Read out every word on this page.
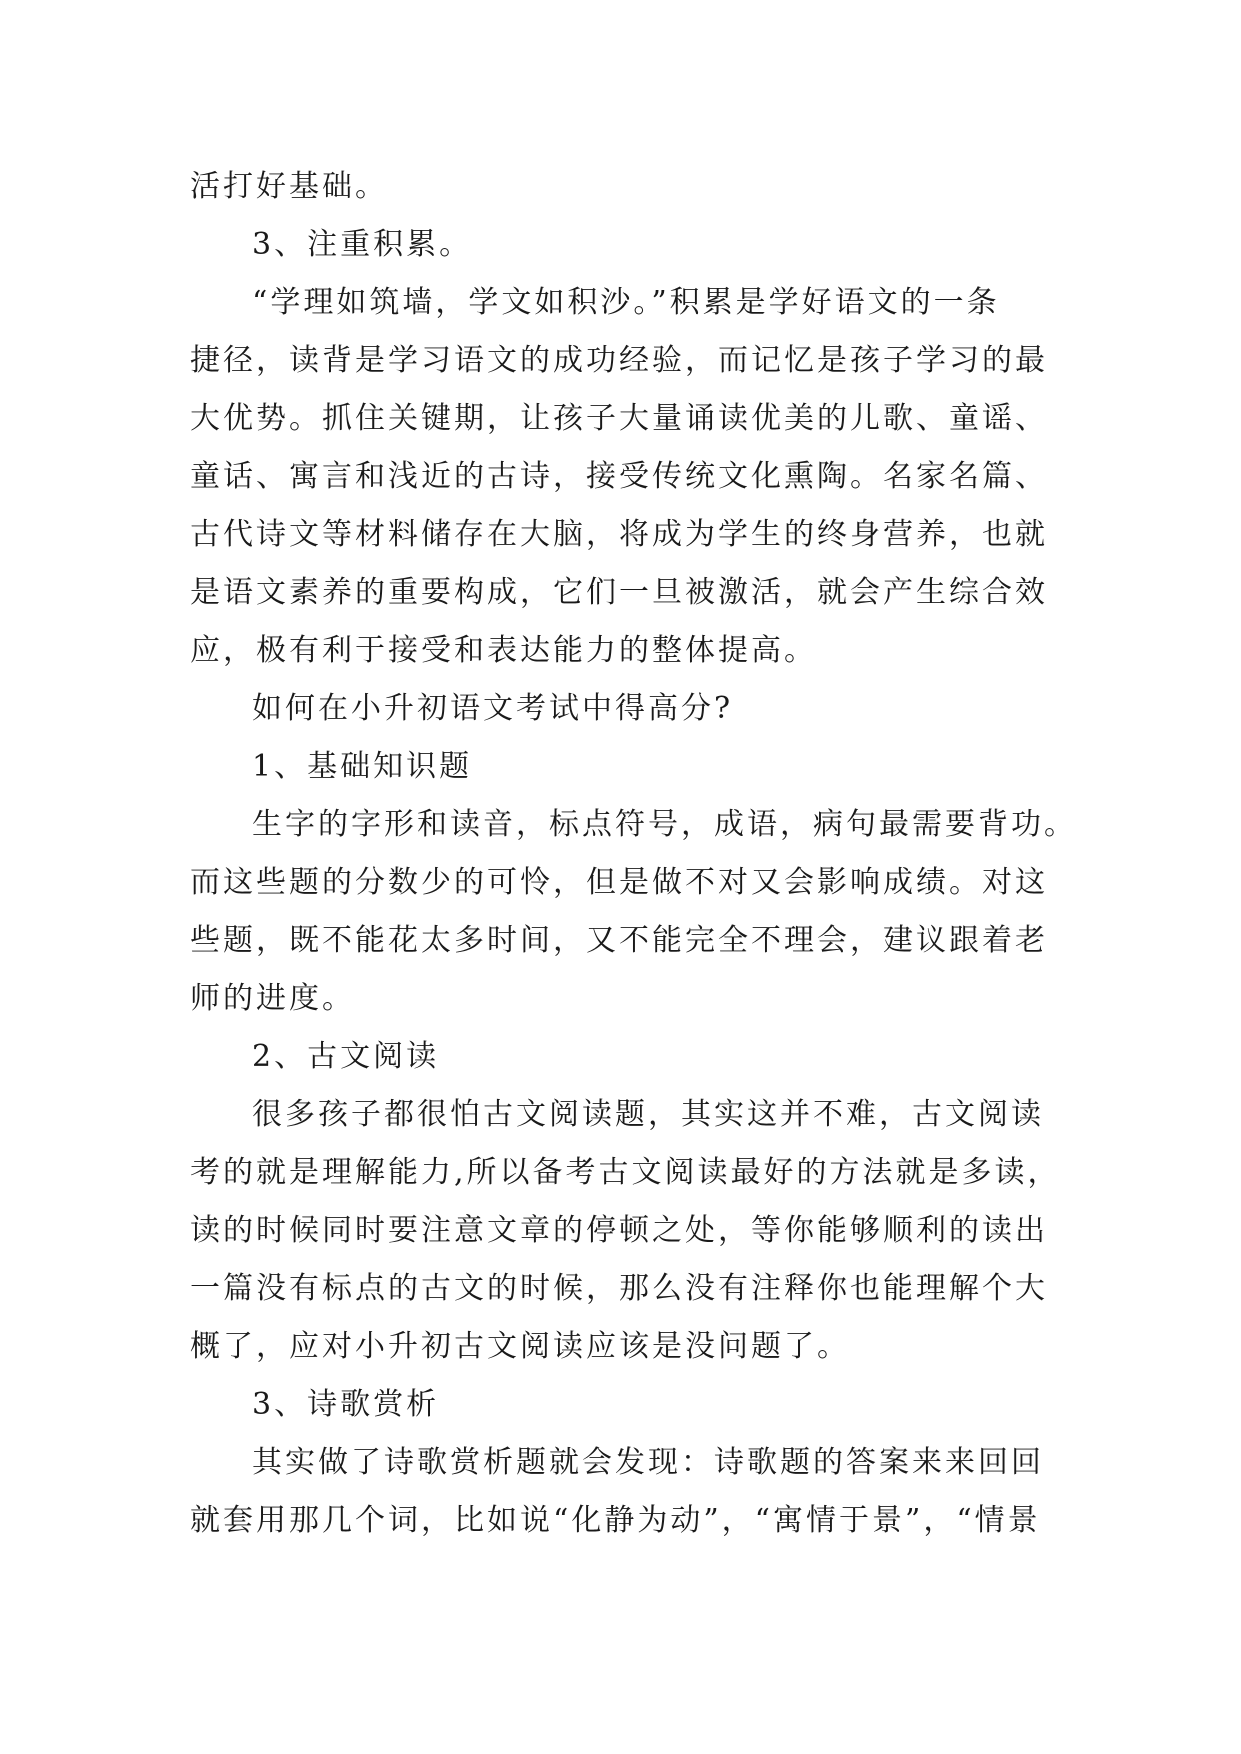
活打好基础。
3、注重积累。
“学理如筑墙，学文如积沙。”积累是学好语文的一条
捷径，读背是学习语文的成功经验，而记忆是孩子学习的最
大优势。抓住关键期，让孩子大量诵读优美的儿歌、童谣、
童话、寓言和浅近的古诗，接受传统文化熏陶。名家名篇、
古代诗文等材料储存在大脑，将成为学生的终身营养，也就
是语文素养的重要构成，它们一旦被激活，就会产生综合效
应，极有利于接受和表达能力的整体提高。
如何在小升初语文考试中得高分?
1、基础知识题
生字的字形和读音，标点符号，成语，病句最需要背功。
而这些题的分数少的可怜，但是做不对又会影响成绩。对这
些题，既不能花太多时间，又不能完全不理会，建议跟着老
师的进度。
2、古文阅读
很多孩子都很怕古文阅读题，其实这并不难，古文阅读
考的就是理解能力,所以备考古文阅读最好的方法就是多读，
读的时候同时要注意文章的停顿之处，等你能够顺利的读出
一篇没有标点的古文的时候，那么没有注释你也能理解个大
概了，应对小升初古文阅读应该是没问题了。
3、诗歌赏析
其实做了诗歌赏析题就会发现：诗歌题的答案来来回回
就套用那几个词，比如说“化静为动”，“寓情于景”，“情景
